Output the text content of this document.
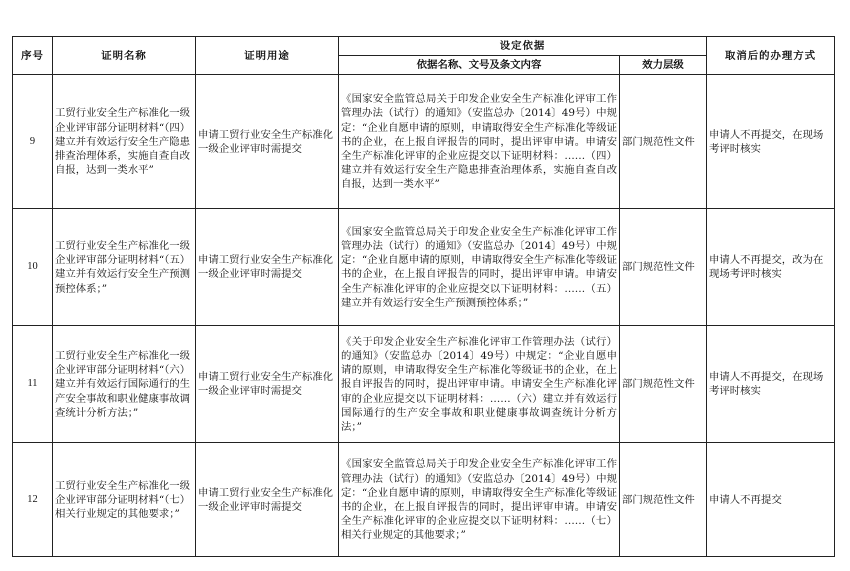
序号	证明名称	证明用途	设定依据		取消后的办理方式
			依据名称、文号及条文内容	效力层级	
9	工贸行业安全生产标准化一级企业评审部分证明材料“（四）建立并有效运行安全生产隐患排查治理体系，实施自查自改自报，达到一类水平”	申请工贸行业安全生产标准化一级企业评审时需提交	《国家安全监管总局关于印发企业安全生产标准化评审工作管理办法（试行）的通知》（安监总办〔2014〕49号）中规定：“企业自愿申请的原则，申请取得安全生产标准化等级证书的企业，在上报自评报告的同时，提出评审申请。申请安全生产标准化评审的企业应提交以下证明材料：……（四）建立并有效运行安全生产隐患排查治理体系，实施自查自改自报，达到一类水平”	部门规范性文件	申请人不再提交，在现场考评时核实
10	工贸行业安全生产标准化一级企业评审部分证明材料“（五）建立并有效运行安全生产预测预控体系；”	申请工贸行业安全生产标准化一级企业评审时需提交	《国家安全监管总局关于印发企业安全生产标准化评审工作管理办法（试行）的通知》（安监总办〔2014〕49号）中规定：“企业自愿申请的原则，申请取得安全生产标准化等级证书的企业，在上报自评报告的同时，提出评审申请。申请安全生产标准化评审的企业应提交以下证明材料：……（五）建立并有效运行安全生产预测预控体系；”	部门规范性文件	申请人不再提交，改为在现场考评时核实
11	工贸行业安全生产标准化一级企业评审部分证明材料“（六）建立并有效运行国际通行的生产安全事故和职业健康事故调查统计分析方法；”	申请工贸行业安全生产标准化一级企业评审时需提交	《关于印发企业安全生产标准化评审工作管理办法（试行）的通知》（安监总办〔2014〕49号）中规定：“企业自愿申请的原则，申请取得安全生产标准化等级证书的企业，在上报自评报告的同时，提出评审申请。申请安全生产标准化评审的企业应提交以下证明材料：……（六）建立并有效运行国际通行的生产安全事故和职业健康事故调查统计分析方法；”	部门规范性文件	申请人不再提交，在现场考评时核实
12	工贸行业安全生产标准化一级企业评审部分证明材料“（七）相关行业规定的其他要求；”	申请工贸行业安全生产标准化一级企业评审时需提交	《国家安全监管总局关于印发企业安全生产标准化评审工作管理办法（试行）的通知》（安监总办〔2014〕49号）中规定：“企业自愿申请的原则，申请取得安全生产标准化等级证书的企业，在上报自评报告的同时，提出评审申请。申请安全生产标准化评审的企业应提交以下证明材料：……（七）相关行业规定的其他要求；”	部门规范性文件	申请人不再提交
